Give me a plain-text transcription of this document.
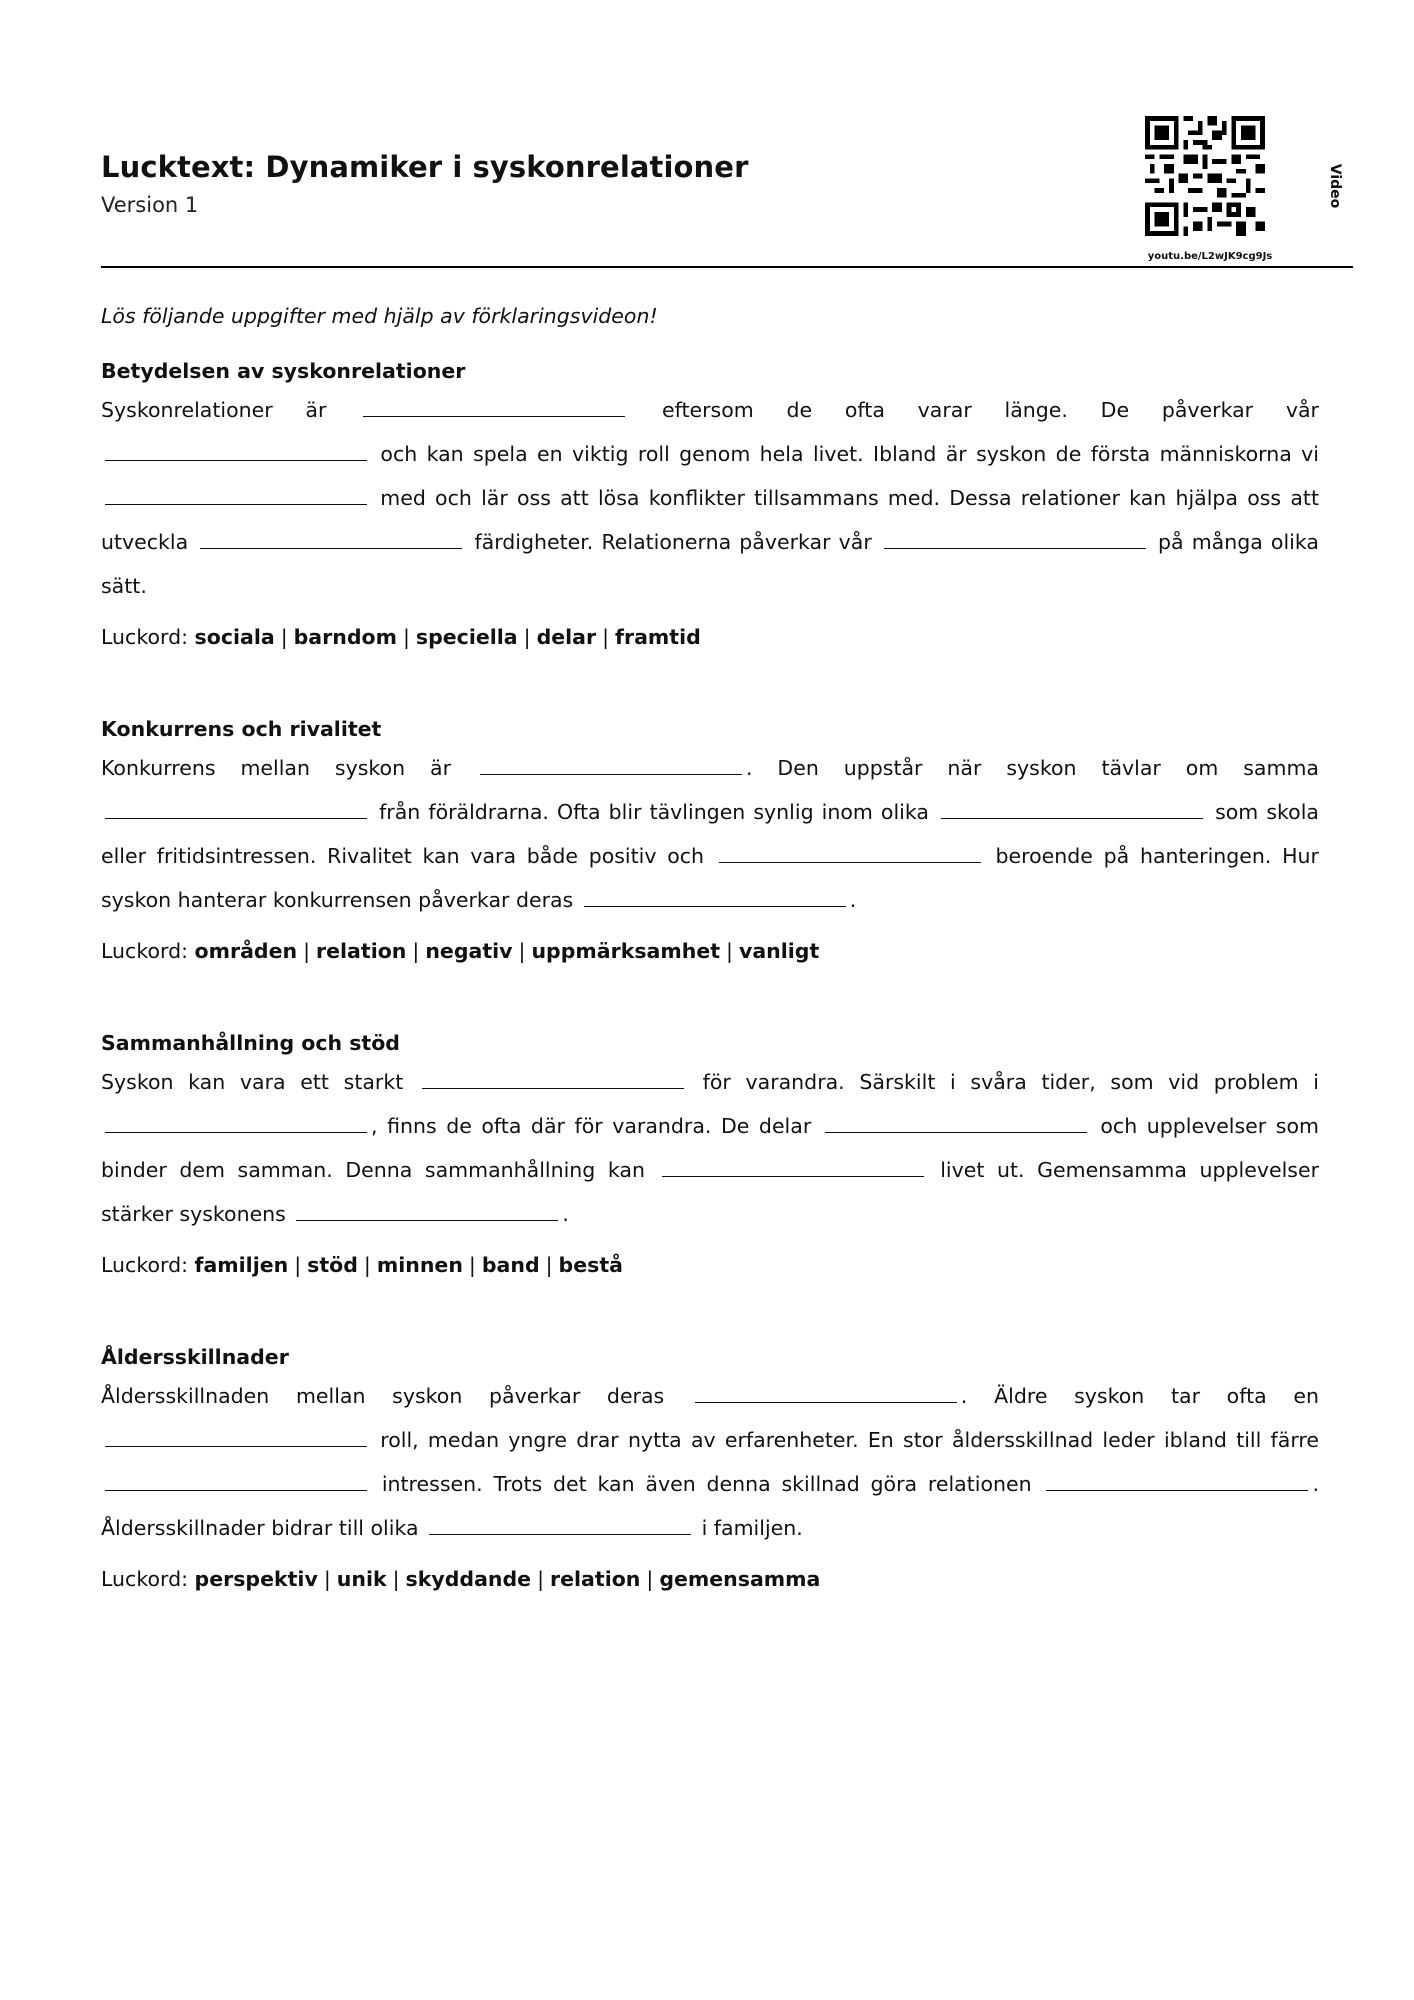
Lucktext: Dynamiker i syskonrelationer
Version 1
youtu.be/L2wJK9cg9Js
Video
Lös följande uppgifter med hjälp av förklaringsvideon!
Betydelsen av syskonrelationer
Syskonrelationer är	eftersom de ofta varar länge. De påverkar vår  och kan spela en viktig roll genom hela livet. Ibland är syskon de första människorna vi  med och lär oss att lösa konflikter tillsammans med. Dessa relationer kan hjälpa oss att utveckla	färdigheter. Relationerna påverkar vår	på många olika sätt.
Luckord: sociala | barndom | speciella | delar | framtid
Konkurrens och rivalitet
Konkurrens mellan syskon är	. Den uppstår när syskon tävlar om samma  från föräldrarna. Ofta blir tävlingen synlig inom olika	som skola eller fritidsintressen. Rivalitet kan vara både positiv och	beroende på hanteringen. Hur syskon hanterar konkurrensen påverkar deras	.
Luckord: områden | relation | negativ | uppmärksamhet | vanligt
Sammanhållning och stöd
Syskon kan vara ett starkt	för varandra. Särskilt i svåra tider, som vid problem i , finns de ofta där för varandra. De delar	och upplevelser som binder dem samman. Denna sammanhållning kan	livet ut. Gemensamma upplevelser stärker syskonens	.
Luckord: familjen | stöd | minnen | band | bestå
Åldersskillnader
Åldersskillnaden mellan syskon påverkar deras	. Äldre syskon tar ofta en  roll, medan yngre drar nytta av erfarenheter. En stor åldersskillnad leder ibland till färre  intressen. Trots det kan även denna skillnad göra relationen	. Åldersskillnader bidrar till olika	i familjen.
Luckord: perspektiv | unik | skyddande | relation | gemensamma
